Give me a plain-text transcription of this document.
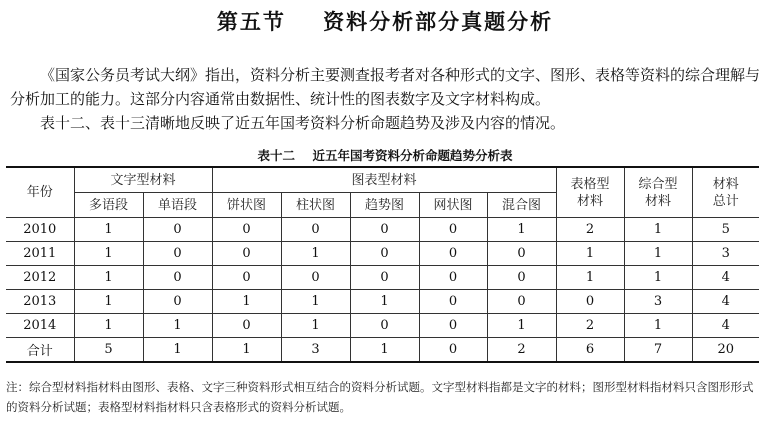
第五节    资料分析部分真题分析

《国家公务员考试大纲》指出，资料分析主要测查报考者对各种形式的文字、图形、表格等资料的综合理解与分析加工的能力。这部分内容通常由数据性、统计性的图表数字及文字材料构成。

表十二、表十三清晰地反映了近五年国考资料分析命题趋势及涉及内容的情况。

表十二    近五年国考资料分析命题趋势分析表
年份	文字型材料		图表型材料					表格型材料	综合型材料	材料总计
	多语段	单语段	饼状图	柱状图	趋势图	网状图	混合图			
2010	1	0	0	0	0	0	1	2	1	5
2011	1	0	0	1	0	0	0	1	1	3
2012	1	0	0	0	0	0	0	1	1	4
2013	1	0	1	1	1	0	0	0	3	4
2014	1	1	0	1	0	0	1	2	1	4
合计	5	1	1	3	1	0	2	6	7	20

注：综合型材料指材料由图形、表格、文字三种资料形式相互结合的资料分析试题。文字型材料指都是文字的材料；图形型材料指材料只含图形形式的资料分析试题；表格型材料指材料只含表格形式的资料分析试题。
